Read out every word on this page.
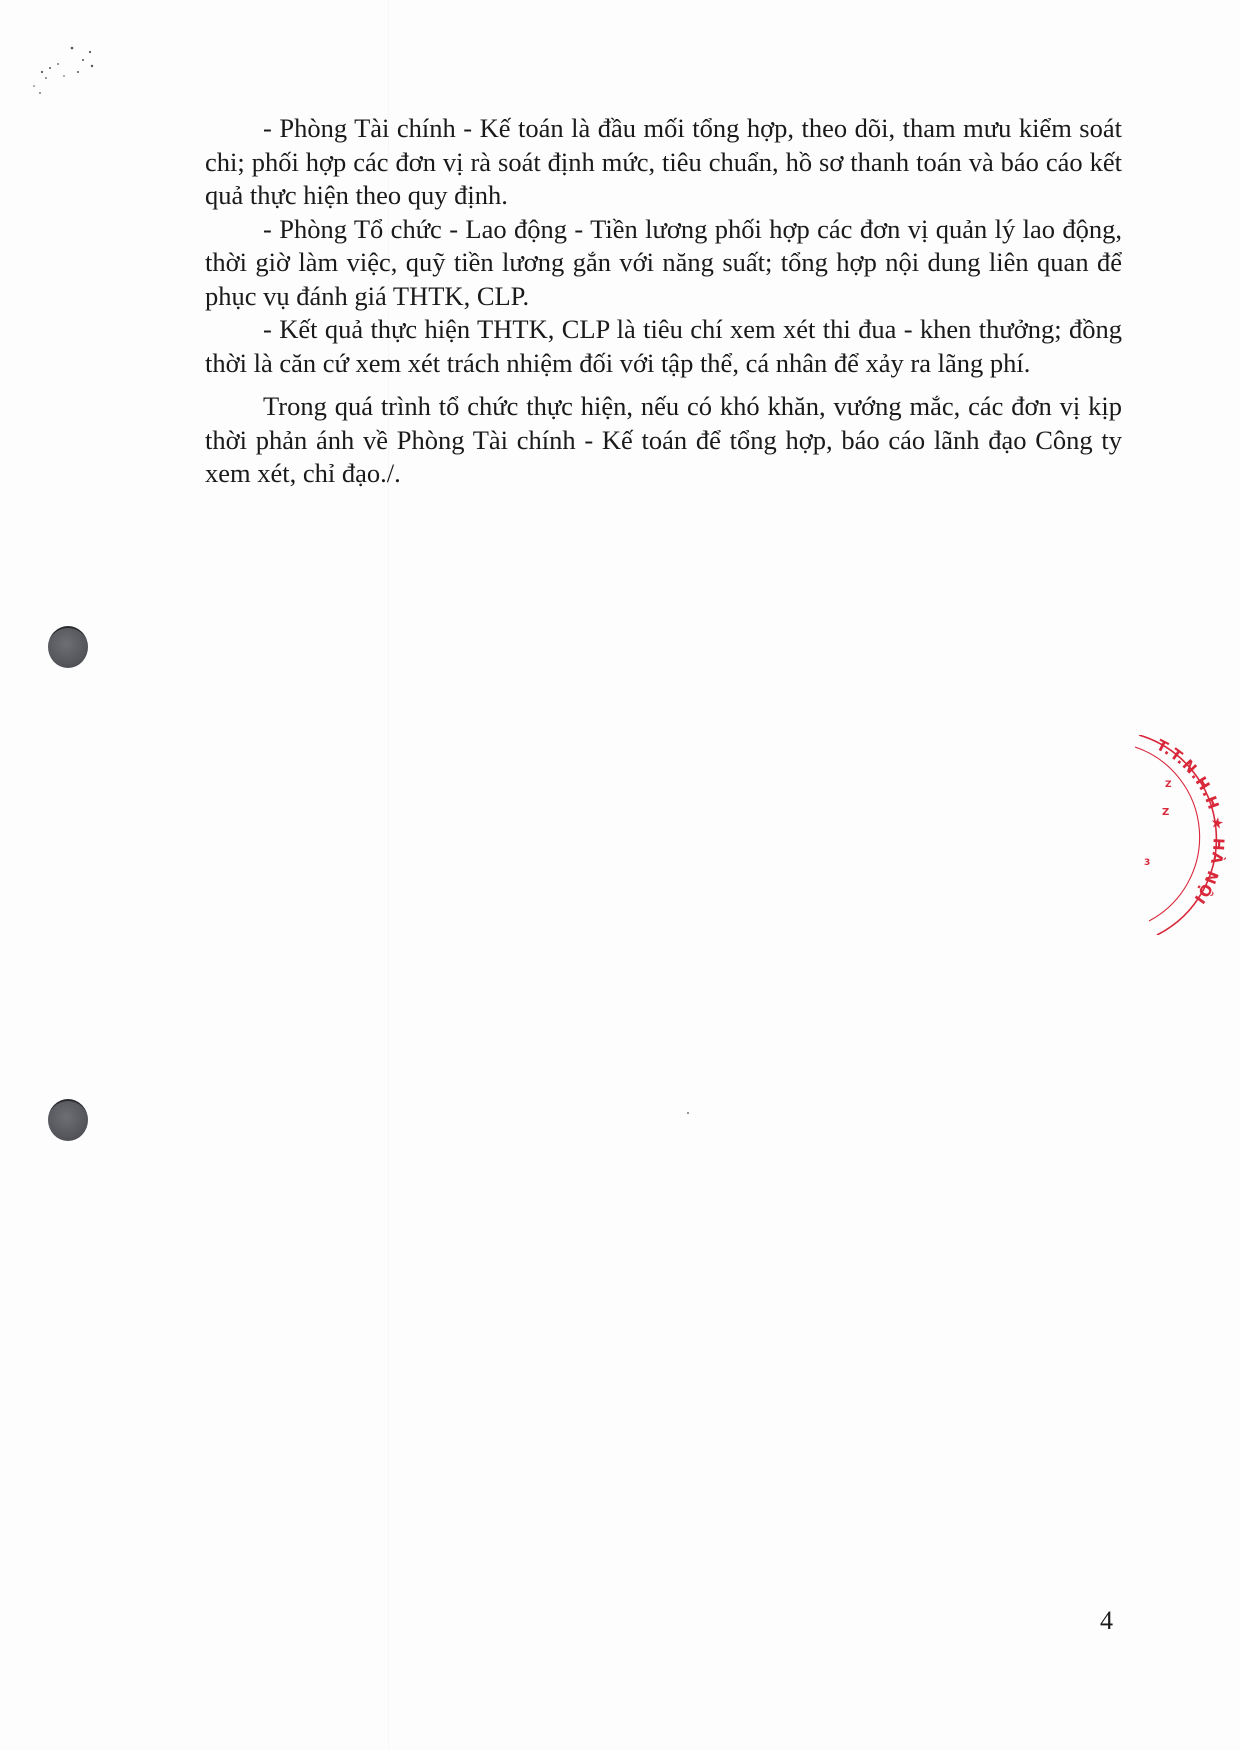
- Phòng Tài chính - Kế toán là đầu mối tổng hợp, theo dõi, tham mưu kiểm soát chi; phối hợp các đơn vị rà soát định mức, tiêu chuẩn, hồ sơ thanh toán và báo cáo kết quả thực hiện theo quy định.

- Phòng Tổ chức - Lao động - Tiền lương phối hợp các đơn vị quản lý lao động, thời giờ làm việc, quỹ tiền lương gắn với năng suất; tổng hợp nội dung liên quan để phục vụ đánh giá THTK, CLP.

- Kết quả thực hiện THTK, CLP là tiêu chí xem xét thi đua - khen thưởng; đồng thời là căn cứ xem xét trách nhiệm đối với tập thể, cá nhân để xảy ra lãng phí.

Trong quá trình tổ chức thực hiện, nếu có khó khăn, vướng mắc, các đơn vị kịp thời phản ánh về Phòng Tài chính - Kế toán để tổng hợp, báo cáo lãnh đạo Công ty xem xét, chỉ đạo./.

T.T.N.H.H ★ HÀ NỘI
Z
Z
3
4
